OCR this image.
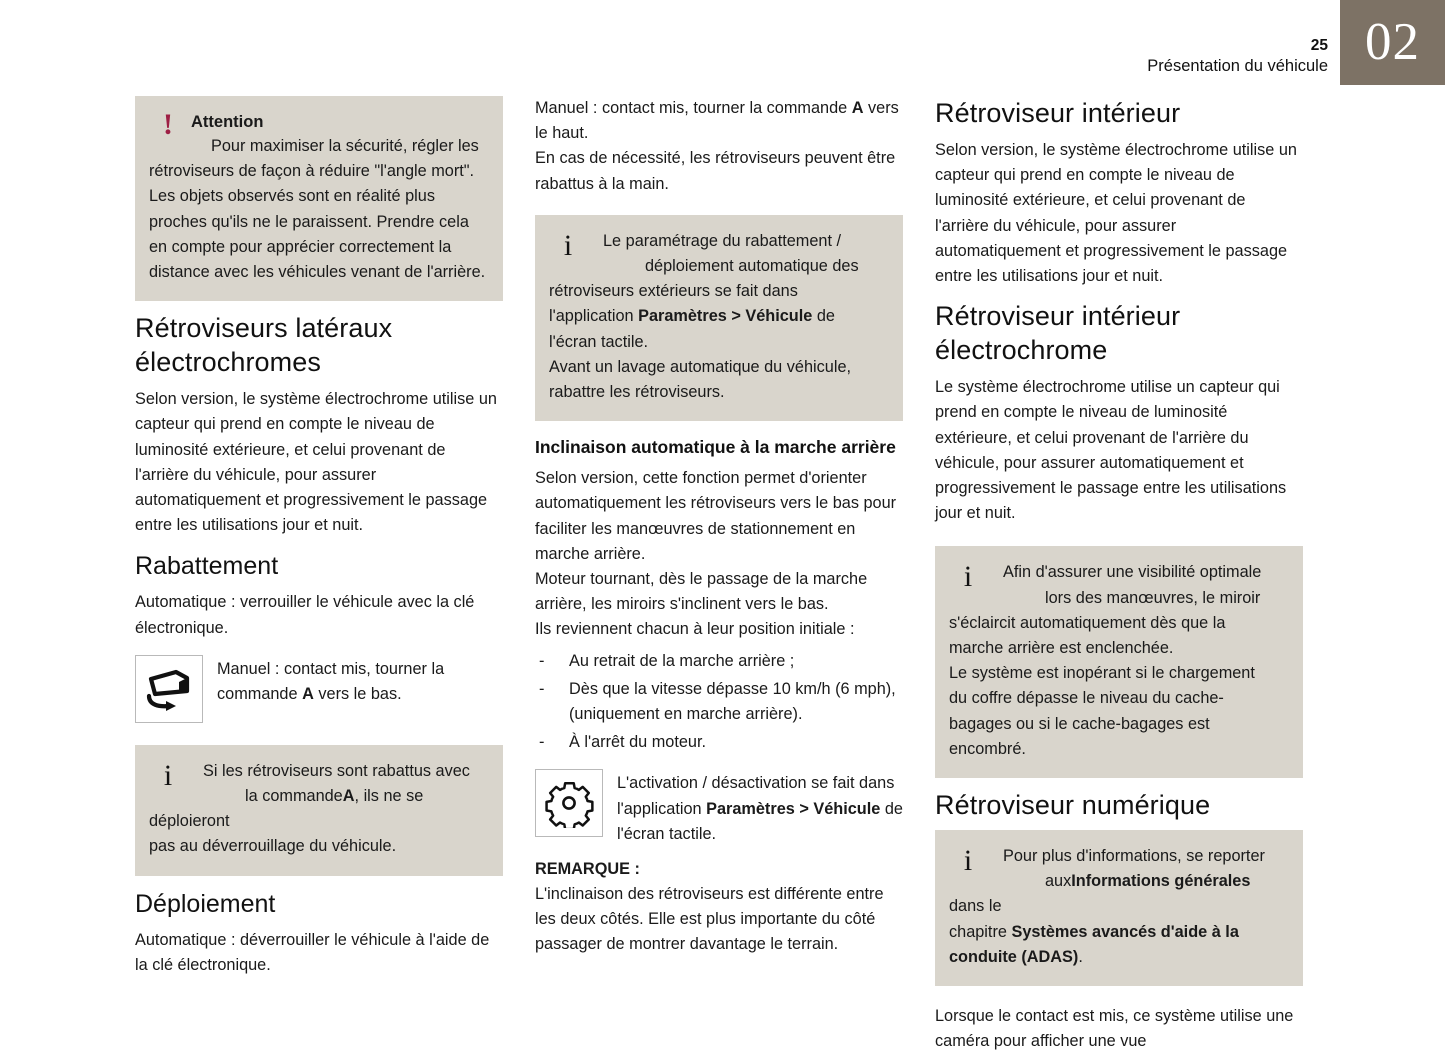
25
Présentation du véhicule 02
!	Attention
Pour maximiser la sécurité, régler les rétroviseurs de façon à réduire "l'angle mort". Les objets observés sont en réalité plus proches qu'ils ne le paraissent. Prendre cela en compte pour apprécier correctement la distance avec les véhicules venant de l'arrière.
Rétroviseurs latéraux électrochromes

Selon version, le système électrochrome utilise un capteur qui prend en compte le niveau de luminosité extérieure, et celui provenant de l'arrière du véhicule, pour assurer automatiquement et progressivement le passage entre les utilisations jour et nuit.

Rabattement

Automatique : verrouiller le véhicule avec la clé électronique.

Manuel : contact mis, tourner la commande A vers le bas.
i	Si les rétroviseurs sont rabattus avec
la commandeA, ils ne se déploieront
pas au déverrouillage du véhicule.
Déploiement

Automatique : déverrouiller le véhicule à l'aide de la clé électronique.

Manuel : contact mis, tourner la commande A vers le haut.

En cas de nécessité, les rétroviseurs peuvent être rabattus à la main.

i	Le paramétrage du rabattement /
déploiement automatique des
rétroviseurs extérieurs se fait dans
l'application Paramètres > Véhicule de
l'écran tactile.
Avant un lavage automatique du véhicule,
rabattre les rétroviseurs.
Inclinaison automatique à la marche arrière

Selon version, cette fonction permet d'orienter automatiquement les rétroviseurs vers le bas pour faciliter les manœuvres de stationnement en marche arrière.

Moteur tournant, dès le passage de la marche arrière, les miroirs s'inclinent vers le bas.

Ils reviennent chacun à leur position initiale :

- Au retrait de la marche arrière ;
- Dès que la vitesse dépasse 10 km/h (6 mph), (uniquement en marche arrière).
- À l'arrêt du moteur.
L'activation / désactivation se fait dans l'application Paramètres > Véhicule de l'écran tactile.
REMARQUE :

L'inclinaison des rétroviseurs est différente entre les deux côtés. Elle est plus importante du côté passager de montrer davantage le terrain.

Rétroviseur intérieur

Selon version, le système électrochrome utilise un capteur qui prend en compte le niveau de luminosité extérieure, et celui provenant de l'arrière du véhicule, pour assurer automatiquement et progressivement le passage entre les utilisations jour et nuit.

Rétroviseur intérieur électrochrome

Le système électrochrome utilise un capteur qui prend en compte le niveau de luminosité extérieure, et celui provenant de l'arrière du véhicule, pour assurer automatiquement et progressivement le passage entre les utilisations jour et nuit.

i	Afin d'assurer une visibilité optimale
lors des manœuvres, le miroir
s'éclaircit automatiquement dès que la
marche arrière est enclenchée.
Le système est inopérant si le chargement
du coffre dépasse le niveau du cache-
bagages ou si le cache-bagages est
encombré.
Rétroviseur numérique
i	Pour plus d'informations, se reporter
auxInformations générales dans le
chapitre Systèmes avancés d'aide à la conduite (ADAS).

Lorsque le contact est mis, ce système utilise une caméra pour afficher une vue
